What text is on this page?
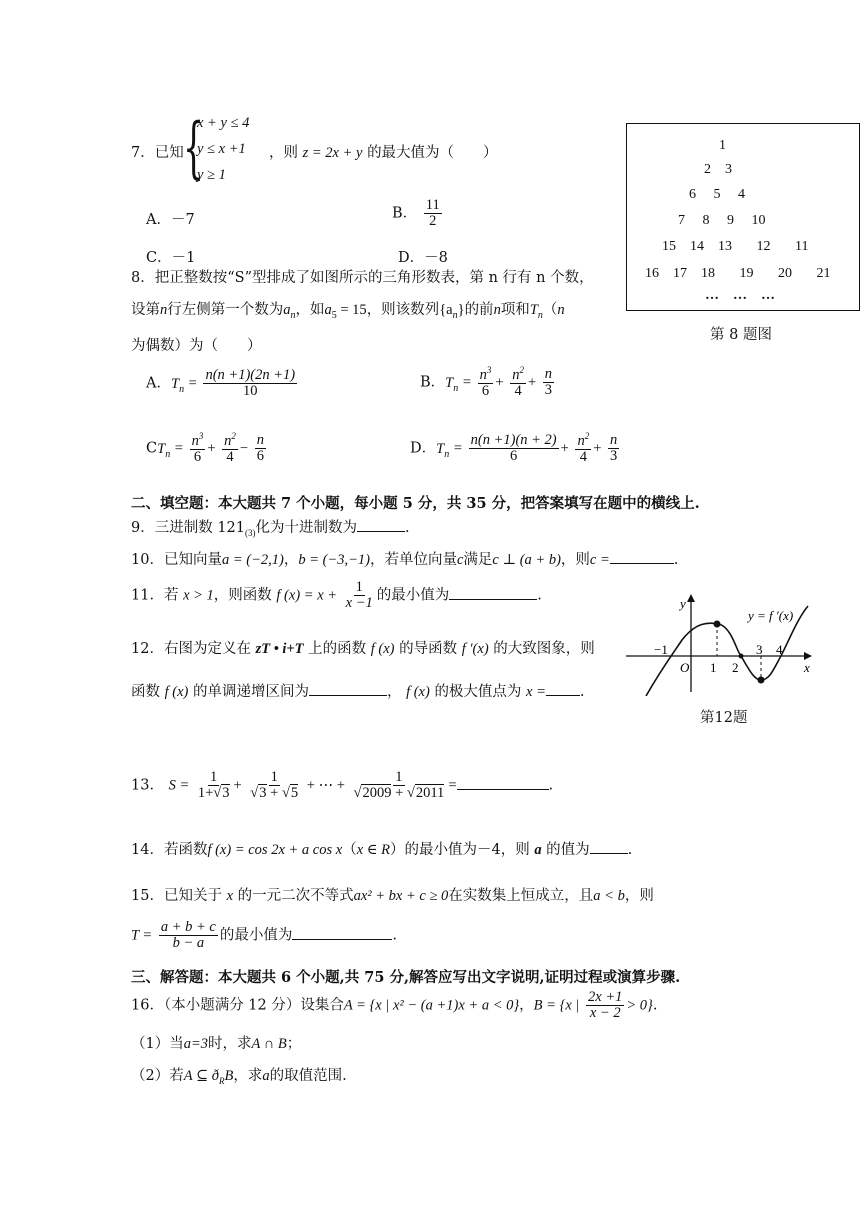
7．已知 {
x + y ≤ 4
y ≤ x +1
y ≥ 1
，则 z = 2x + y 的最大值为（　　）
A．－7	B． $\frac{11}{2}$
C．－1	D．－8
1
2 3
6 5 4
7 8 9 10
15 14 13 12 11
16 17 18 19 20 21
… … …
第 8 题图
8．把正整数按“S”型排成了如图所示的三角形数表，第 n 行有 n 个数，
设第n行左侧第一个数为$a_n$，如$a_5 = 15$，则该数列$\{a_n\}$的前n项和$T_n(n$
为偶数）为（　　）
A．$T_n = \frac{n(n +1)(2n +1)}{10}$	B．$T_n = \frac{n^3}{6} + \frac{n^2}{4} + \frac{n}{3}$
$CT_n = \frac{n^3}{6} + \frac{n^2}{4} - \frac{n}{6}$	D．$T_n = \frac{n(n +1)(n + 2)}{6} + \frac{n^2}{4} + \frac{n}{3}$
二、填空题：本大题共 7 个小题，每小题 5 分，共 35 分，把答案填写在题中的横线上.
9．三进制数 $121_{(3)}$化为十进制数为	.
10．已知向量a = (−2,1)，b = (−3,−1)，若单位向量c满足c ⊥ (a + b)，则c =	.
11．若 x > 1，则函数 f $(x) = x + \frac{1}{x -1}$ 的最小值为	.
12．右图为定义在 zT • i+T 上的函数 f (x) 的导函数 f ′(x) 的大致图象，则
函数 f (x) 的单调递增区间为	， f (x) 的极大值点为 x = .
y
x
y = f ′(x)
O
−1
1 2
3 4
第12题
13． $S = \frac{1}{1+√3} + \frac{1}{√3 + √5}$ + ⋯ + $\frac{1}{√2009 + √2011}$ =	.
14．若函数f (x) = cos 2x + a cos x（x ∈ R）的最小值为－4，则 a 的值为	.
15．已知关于 x 的一元二次不等式ax² + bx + c ≥ 0在实数集上恒成立，且a < b，则
$T = \frac{a + b + c}{b - a}$ 的最小值为	.
三、解答题：本大题共 6 个小题,共 75 分,解答应写出文字说明,证明过程或演算步骤.
16．（本小题满分 12 分）设集合A = {x | x² − (a +1)x + a < 0}，B = {x | $\frac{2x +1}{x - 2} > 0$}.
（1）当a=3时，求A ∩ B；
（2）若A ⊆ $ð_RB$，求a的取值范围.
